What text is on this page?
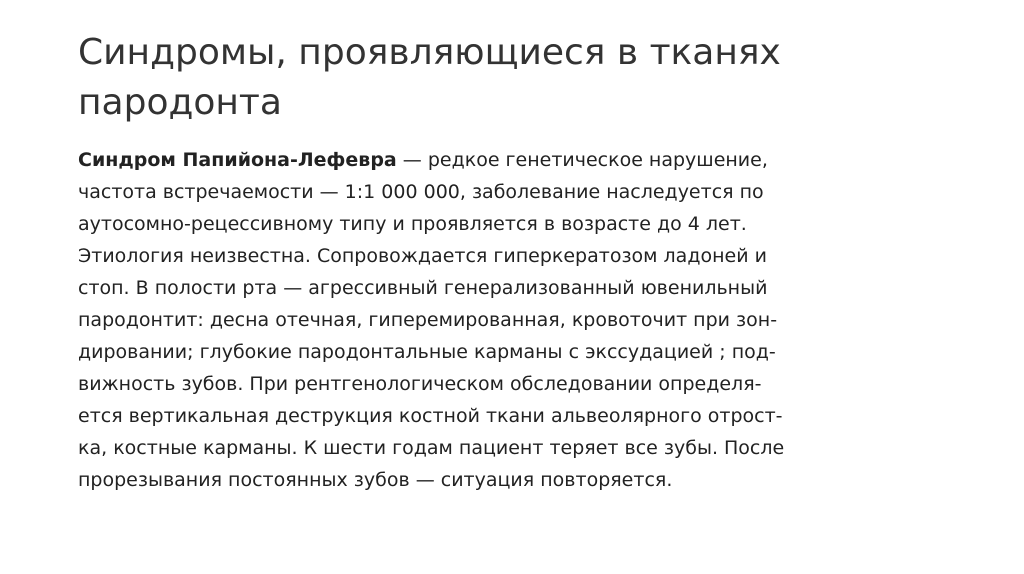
Синдромы, проявляющиеся в тканях
пародонта
Синдром Папийона-Лефевра — редкое генетическое нарушение,
частота встречаемости — 1:1 000 000, заболевание наследуется по
аутосомно-рецессивному типу и проявляется в возрасте до 4 лет.
Этиология неизвестна. Сопровождается гиперкератозом ладоней и
стоп. В полости рта — агрессивный генерализованный ювенильный
пародонтит: десна отечная, гиперемированная, кровоточит при зон-
дировании; глубокие пародонтальные карманы с экссудацией ; под-
вижность зубов. При рентгенологическом обследовании определя-
ется вертикальная деструкция костной ткани альвеолярного отрост-
ка, костные карманы. К шести годам пациент теряет все зубы. После
прорезывания постоянных зубов — ситуация повторяется.
